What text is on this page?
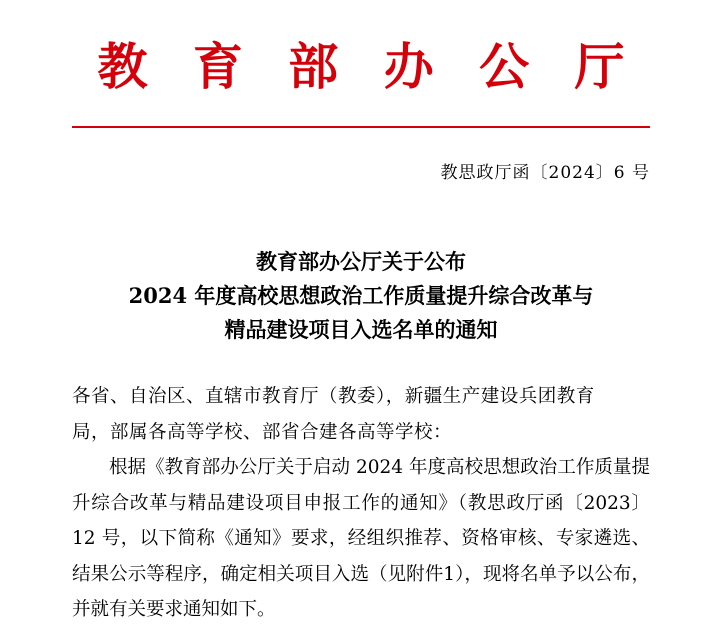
教 育 部 办 公 厅
教思政厅函〔2024〕6 号
教育部办公厅关于公布
2024 年度高校思想政治工作质量提升综合改革与
精品建设项目入选名单的通知

各省、自治区、直辖市教育厅（教委），新疆生产建设兵团教育
局，部属各高等学校、部省合建各高等学校：

根据《教育部办公厅关于启动 2024 年度高校思想政治工作质量提升综合改革与精品建设项目申报工作的通知》（教思政厅函〔2023〕12 号，以下简称《通知》要求，经组织推荐、资格审核、专家遴选、结果公示等程序，确定相关项目入选（见附件1），现将名单予以公布，并就有关要求通知如下。
